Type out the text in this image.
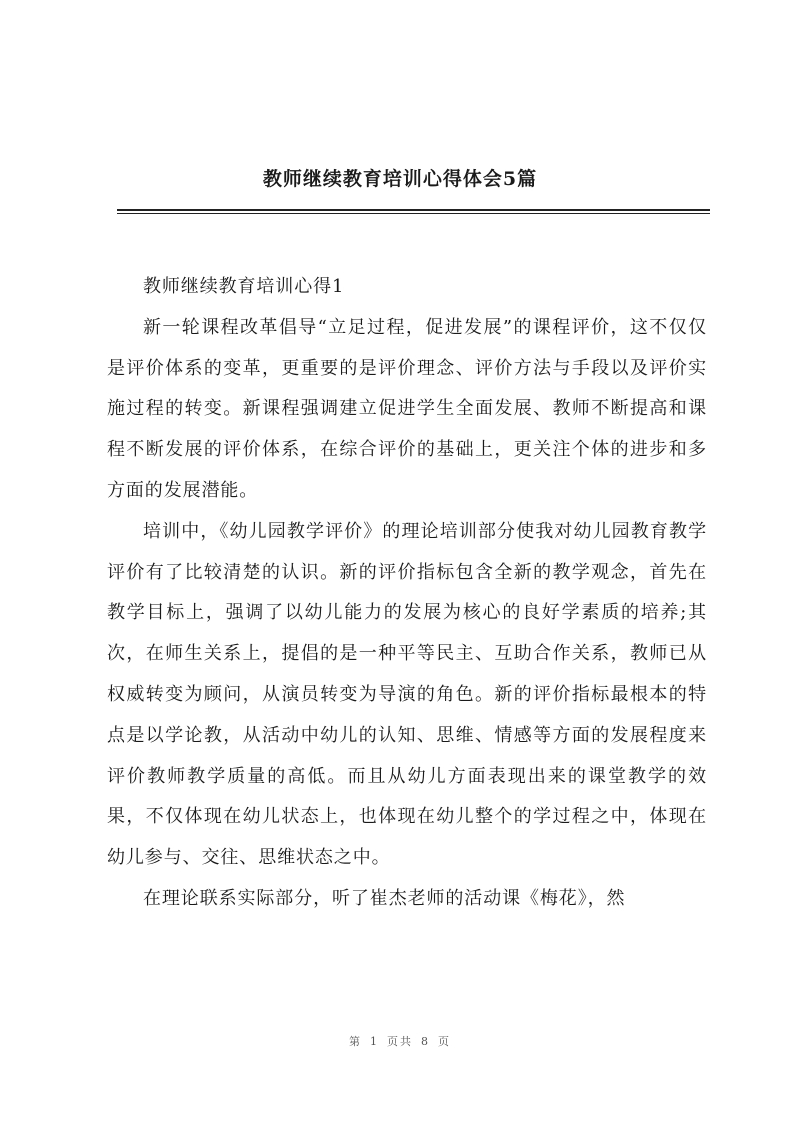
教师继续教育培训心得体会5篇

教师继续教育培训心得1

新一轮课程改革倡导“立足过程，促进发展”的课程评价，这不仅仅是评价体系的变革，更重要的是评价理念、评价方法与手段以及评价实施过程的转变。新课程强调建立促进学生全面发展、教师不断提高和课程不断发展的评价体系，在综合评价的基础上，更关注个体的进步和多方面的发展潜能。

培训中，《幼儿园教学评价》的理论培训部分使我对幼儿园教育教学评价有了比较清楚的认识。新的评价指标包含全新的教学观念，首先在教学目标上，强调了以幼儿能力的发展为核心的良好学素质的培养;其次，在师生关系上，提倡的是一种平等民主、互助合作关系，教师已从权威转变为顾问，从演员转变为导演的角色。新的评价指标最根本的特点是以学论教，从活动中幼儿的认知、思维、情感等方面的发展程度来评价教师教学质量的高低。而且从幼儿方面表现出来的课堂教学的效果，不仅体现在幼儿状态上，也体现在幼儿整个的学过程之中，体现在幼儿参与、交往、思维状态之中。

在理论联系实际部分，听了崔杰老师的活动课《梅花》，然

第 1 页共 8 页
